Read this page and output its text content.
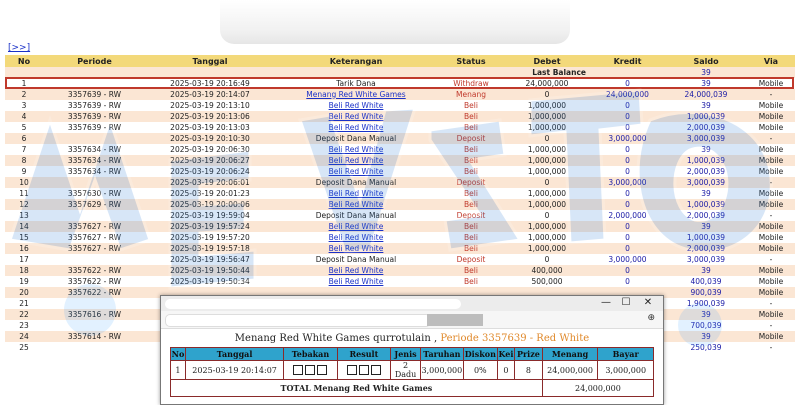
[>>]
No	Periode	Tanggal	Keterangan	Status	Debet	Kredit	Saldo	Via
Last Balance							39	
1		2025-03-19 20:16:49	Tarik Dana	Withdraw	24,000,000	0	39	Mobile
2	3357639 - RW	2025-03-19 20:14:07	Menang Red White Games	Menang	0	24,000,000	24,000,039	-
3	3357639 - RW	2025-03-19 20:13:10	Beli Red White	Beli	1,000,000	0	39	Mobile
4	3357639 - RW	2025-03-19 20:13:06	Beli Red White	Beli	1,000,000	0	1,000,039	Mobile
5	3357639 - RW	2025-03-19 20:13:03	Beli Red White	Beli	1,000,000	0	2,000,039	Mobile
6		2025-03-19 20:10:30	Deposit Dana Manual	Deposit	0	3,000,000	3,000,039	-
7	3357634 - RW	2025-03-19 20:06:30	Beli Red White	Beli	1,000,000	0	39	Mobile
8	3357634 - RW	2025-03-19 20:06:27	Beli Red White	Beli	1,000,000	0	1,000,039	Mobile
9	3357634 - RW	2025-03-19 20:06:24	Beli Red White	Beli	1,000,000	0	2,000,039	Mobile
10		2025-03-19 20:06:01	Deposit Dana Manual	Deposit	0	3,000,000	3,000,039	-
11	3357630 - RW	2025-03-19 20:01:23	Beli Red White	Beli	1,000,000	0	39	Mobile
12	3357629 - RW	2025-03-19 20:00:06	Beli Red White	Beli	1,000,000	0	1,000,039	Mobile
13		2025-03-19 19:59:04	Deposit Dana Manual	Deposit	0	2,000,000	2,000,039	-
14	3357627 - RW	2025-03-19 19:57:24	Beli Red White	Beli	1,000,000	0	39	Mobile
15	3357627 - RW	2025-03-19 19:57:20	Beli Red White	Beli	1,000,000	0	1,000,039	Mobile
16	3357627 - RW	2025-03-19 19:57:18	Beli Red White	Beli	1,000,000	0	2,000,039	Mobile
17		2025-03-19 19:56:47	Deposit Dana Manual	Deposit	0	3,000,000	3,000,039	-
18	3357622 - RW	2025-03-19 19:50:44	Beli Red White	Beli	400,000	0	39	Mobile
19	3357622 - RW	2025-03-19 19:50:34	Beli Red White	Beli	500,000	0	400,039	Mobile
20	3357622 - RW						900,039	Mobile
21							1,900,039	-
22	3357616 - RW						39	Mobile
23							700,039	-
24	3357614 - RW						39	Mobile
25							250,039	-
— ☐ ✕
⊕
Menang Red White Games qurrotulain , Periode 3357639 - Red White
No	Tanggal	Tebakan	Result	Jenis	Taruhan	Diskon	Kei	Prize	Menang	Bayar
1	2025-03-19 20:14:07			2 Dadu	3,000,000	0%	0	8	24,000,000	3,000,000
TOTAL Menang Red White Games									24,000,000	
